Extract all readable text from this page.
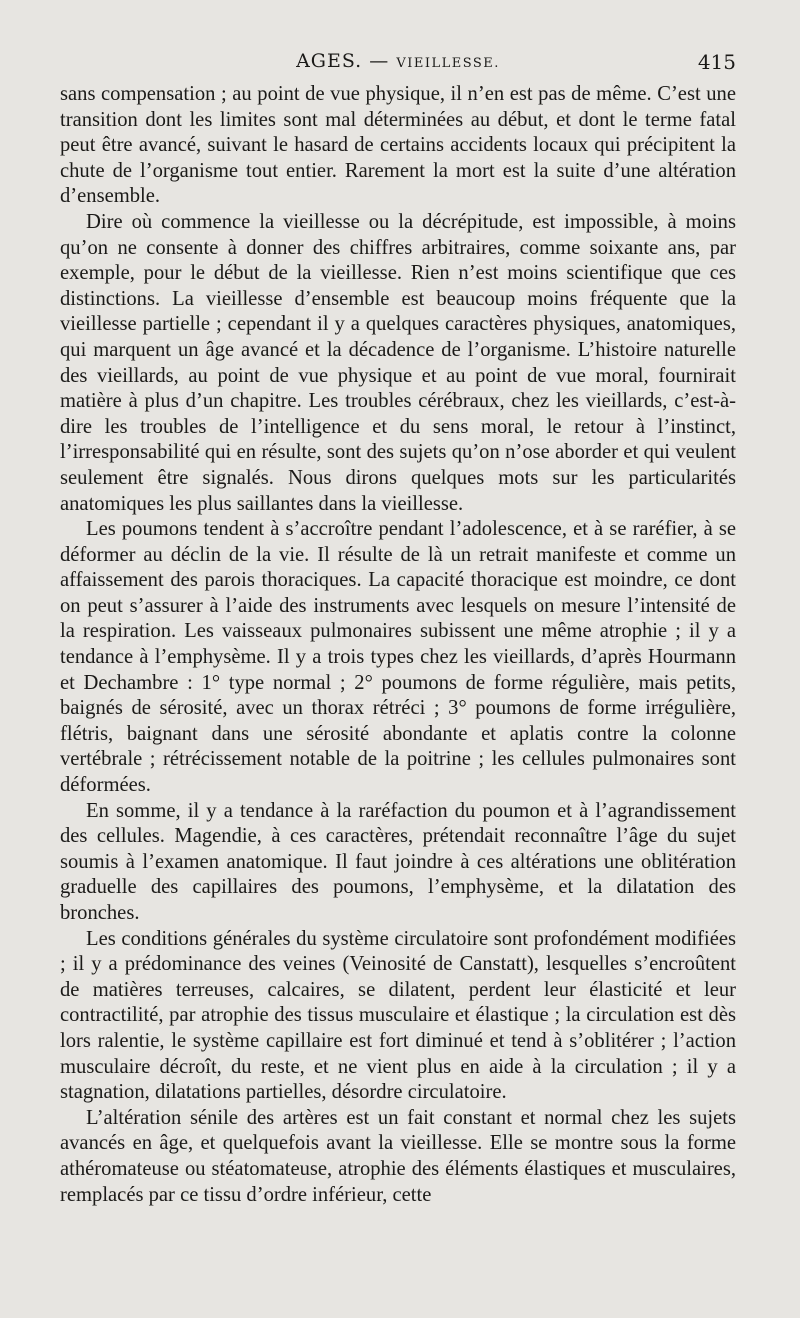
AGES. — VIEILLESSE.	415

sans compensation ; au point de vue physique, il n’en est pas de même. C’est une transition dont les limites sont mal déterminées au début, et dont le terme fatal peut être avancé, suivant le hasard de certains accidents locaux qui précipitent la chute de l’organisme tout entier. Rarement la mort est la suite d’une altération d’ensemble.

Dire où commence la vieillesse ou la décrépitude, est impossible, à moins qu’on ne consente à donner des chiffres arbitraires, comme soixante ans, par exemple, pour le début de la vieillesse. Rien n’est moins scientifique que ces distinctions. La vieillesse d’ensemble est beaucoup moins fréquente que la vieillesse partielle ; cependant il y a quelques caractères physiques, anatomiques, qui marquent un âge avancé et la décadence de l’organisme. L’histoire naturelle des vieillards, au point de vue physique et au point de vue moral, fournirait matière à plus d’un chapitre. Les troubles cérébraux, chez les vieillards, c’est-à-dire les troubles de l’intelligence et du sens moral, le retour à l’instinct, l’irresponsabilité qui en résulte, sont des sujets qu’on n’ose aborder et qui veulent seulement être signalés. Nous dirons quelques mots sur les particularités anatomiques les plus saillantes dans la vieillesse.

Les poumons tendent à s’accroître pendant l’adolescence, et à se raréfier, à se déformer au déclin de la vie. Il résulte de là un retrait manifeste et comme un affaissement des parois thoraciques. La capacité thoracique est moindre, ce dont on peut s’assurer à l’aide des instruments avec lesquels on mesure l’intensité de la respiration. Les vaisseaux pulmonaires subissent une même atrophie ; il y a tendance à l’emphysème. Il y a trois types chez les vieillards, d’après Hourmann et Dechambre : 1° type normal ; 2° poumons de forme régulière, mais petits, baignés de sérosité, avec un thorax rétréci ; 3° poumons de forme irrégulière, flétris, baignant dans une sérosité abondante et aplatis contre la colonne vertébrale ; rétrécissement notable de la poitrine ; les cellules pulmonaires sont déformées.

En somme, il y a tendance à la raréfaction du poumon et à l’agrandissement des cellules. Magendie, à ces caractères, prétendait reconnaître l’âge du sujet soumis à l’examen anatomique. Il faut joindre à ces altérations une oblitération graduelle des capillaires des poumons, l’emphysème, et la dilatation des bronches.

Les conditions générales du système circulatoire sont profondément modifiées ; il y a prédominance des veines (Veinosité de Canstatt), lesquelles s’encroûtent de matières terreuses, calcaires, se dilatent, perdent leur élasticité et leur contractilité, par atrophie des tissus musculaire et élastique ; la circulation est dès lors ralentie, le système capillaire est fort diminué et tend à s’oblitérer ; l’action musculaire décroît, du reste, et ne vient plus en aide à la circulation ; il y a stagnation, dilatations partielles, désordre circulatoire.

L’altération sénile des artères est un fait constant et normal chez les sujets avancés en âge, et quelquefois avant la vieillesse. Elle se montre sous la forme athéromateuse ou stéatomateuse, atrophie des éléments élastiques et musculaires, remplacés par ce tissu d’ordre inférieur, cette
